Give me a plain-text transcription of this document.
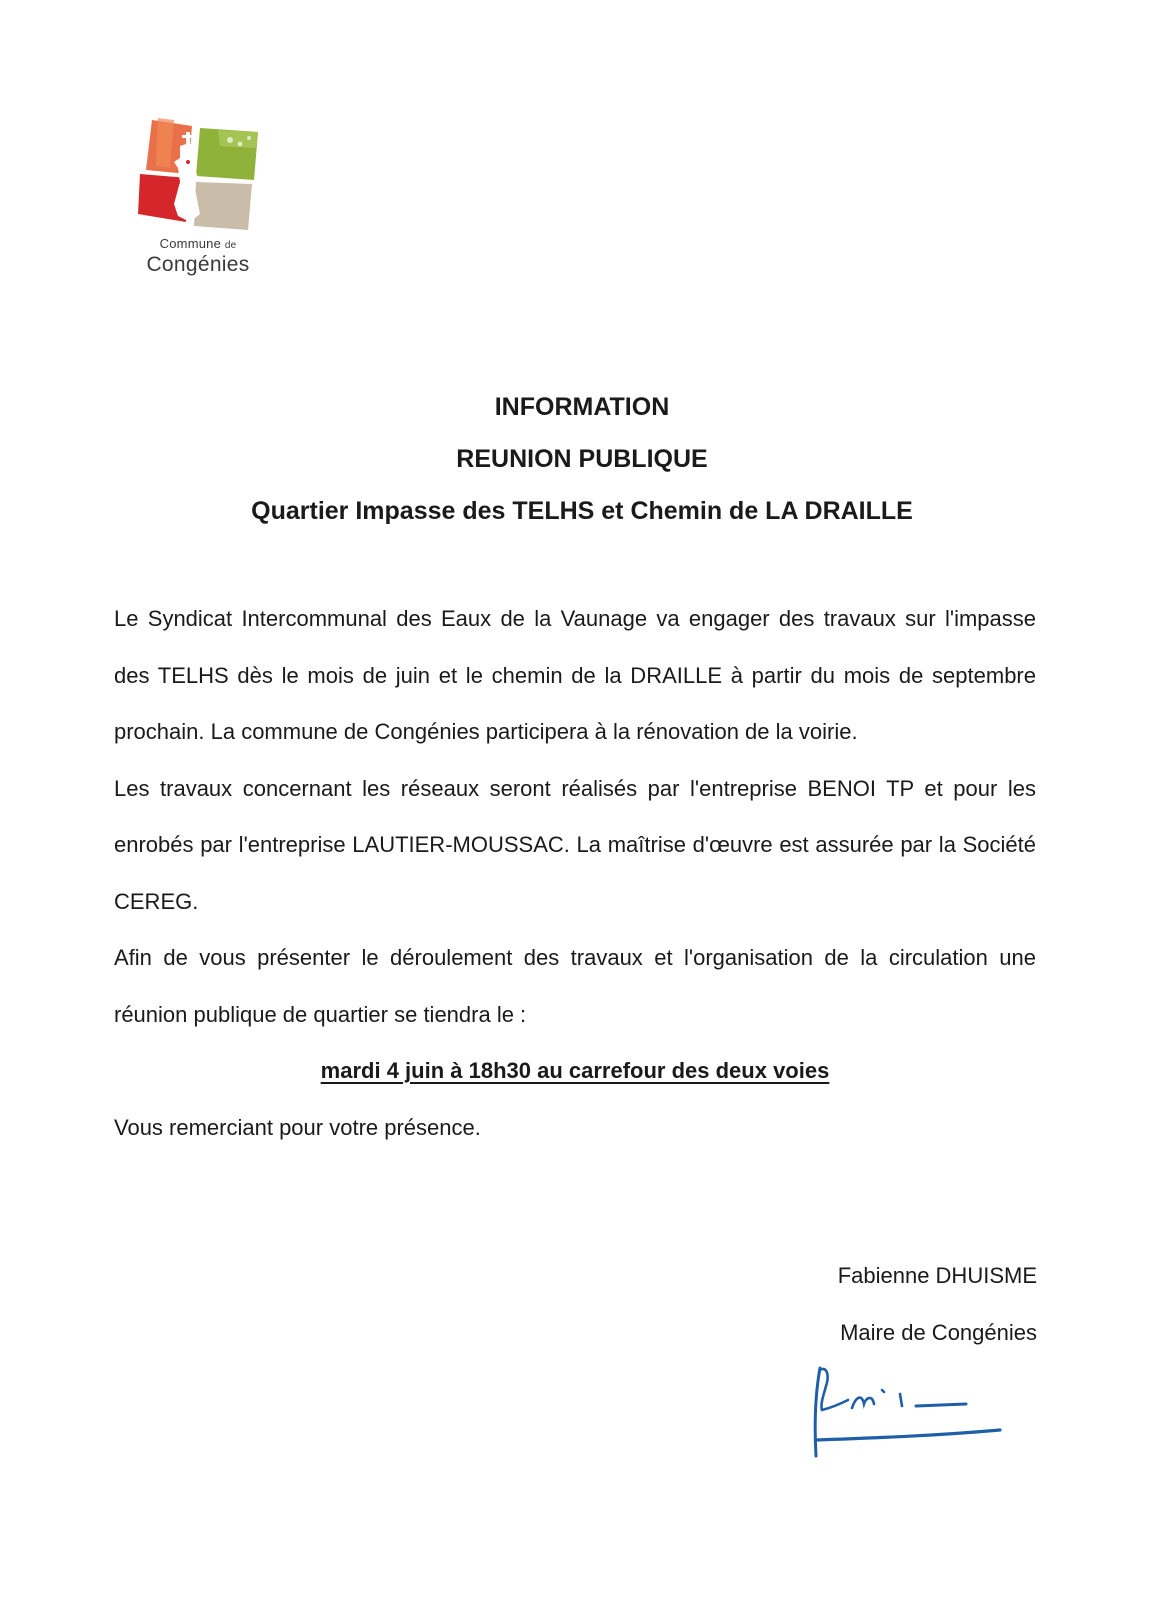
Commune de
Congénies
INFORMATION
REUNION PUBLIQUE
Quartier Impasse des TELHS et Chemin de LA DRAILLE

Le Syndicat Intercommunal des Eaux de la Vaunage va engager des travaux sur l'impasse des TELHS dès le mois de juin et le chemin de la DRAILLE à partir du mois de septembre prochain. La commune de Congénies participera à la rénovation de la voirie.

Les travaux concernant les réseaux seront réalisés par l'entreprise BENOI TP et pour les enrobés par l'entreprise LAUTIER-MOUSSAC. La maîtrise d'œuvre est assurée par la Société CEREG.

Afin de vous présenter le déroulement des travaux et l'organisation de la circulation une réunion publique de quartier se tiendra le :

mardi 4 juin à 18h30 au carrefour des deux voies

Vous remerciant pour votre présence.

Fabienne DHUISME
Maire de Congénies
